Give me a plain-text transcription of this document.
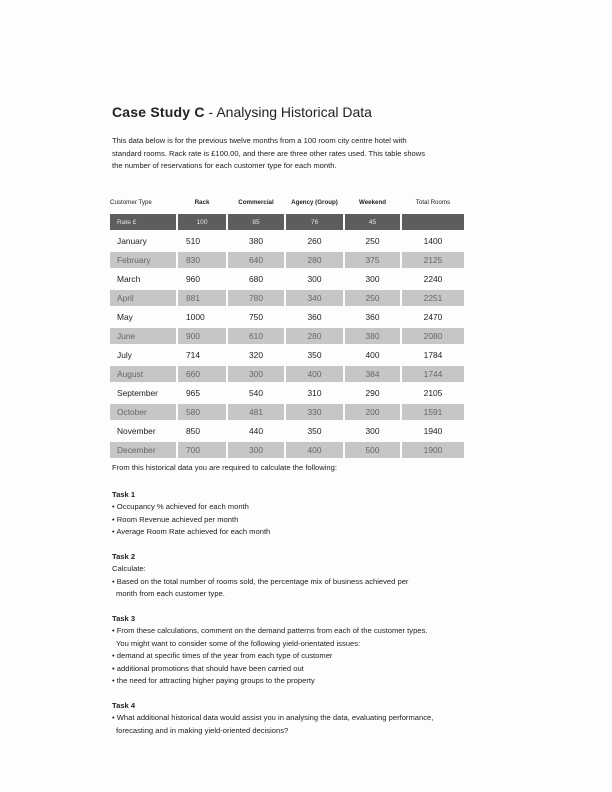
Case Study C - Analysing Historical Data
This data below is for the previous twelve months from a 100 room city centre hotel with
standard rooms. Rack rate is £100.00, and there are three other rates used. This table shows
the number of reservations for each customer type for each month.
Customer Type	Rack	Commercial	Agency (Group)	Weekend	Total Rooms
Rate £	100	85	76	45	
January	510	380	260	250	1400
February	830	640	280	375	2125
March	960	680	300	300	2240
April	881	780	340	250	2251
May	1000	750	360	360	2470
June	900	610	280	380	2080
July	714	320	350	400	1784
August	660	300	400	384	1744
September	965	540	310	290	2105
October	580	481	330	200	1591
November	850	440	350	300	1940
December	700	300	400	500	1900

From this historical data you are required to calculate the following:

Task 1

• Occupancy % achieved for each month

• Room Revenue achieved per month

• Average Room Rate achieved for each month

Task 2

Calculate:

• Based on the total number of rooms sold, the percentage mix of business achieved per

month from each customer type.

Task 3

• From these calculations, comment on the demand patterns from each of the customer types.

You might want to consider some of the following yield-orientated issues:

• demand at specific times of the year from each type of customer

• additional promotions that should have been carried out

• the need for attracting higher paying groups to the property

Task 4

• What additional historical data would assist you in analysing the data, evaluating performance,

forecasting and in making yield-oriented decisions?
